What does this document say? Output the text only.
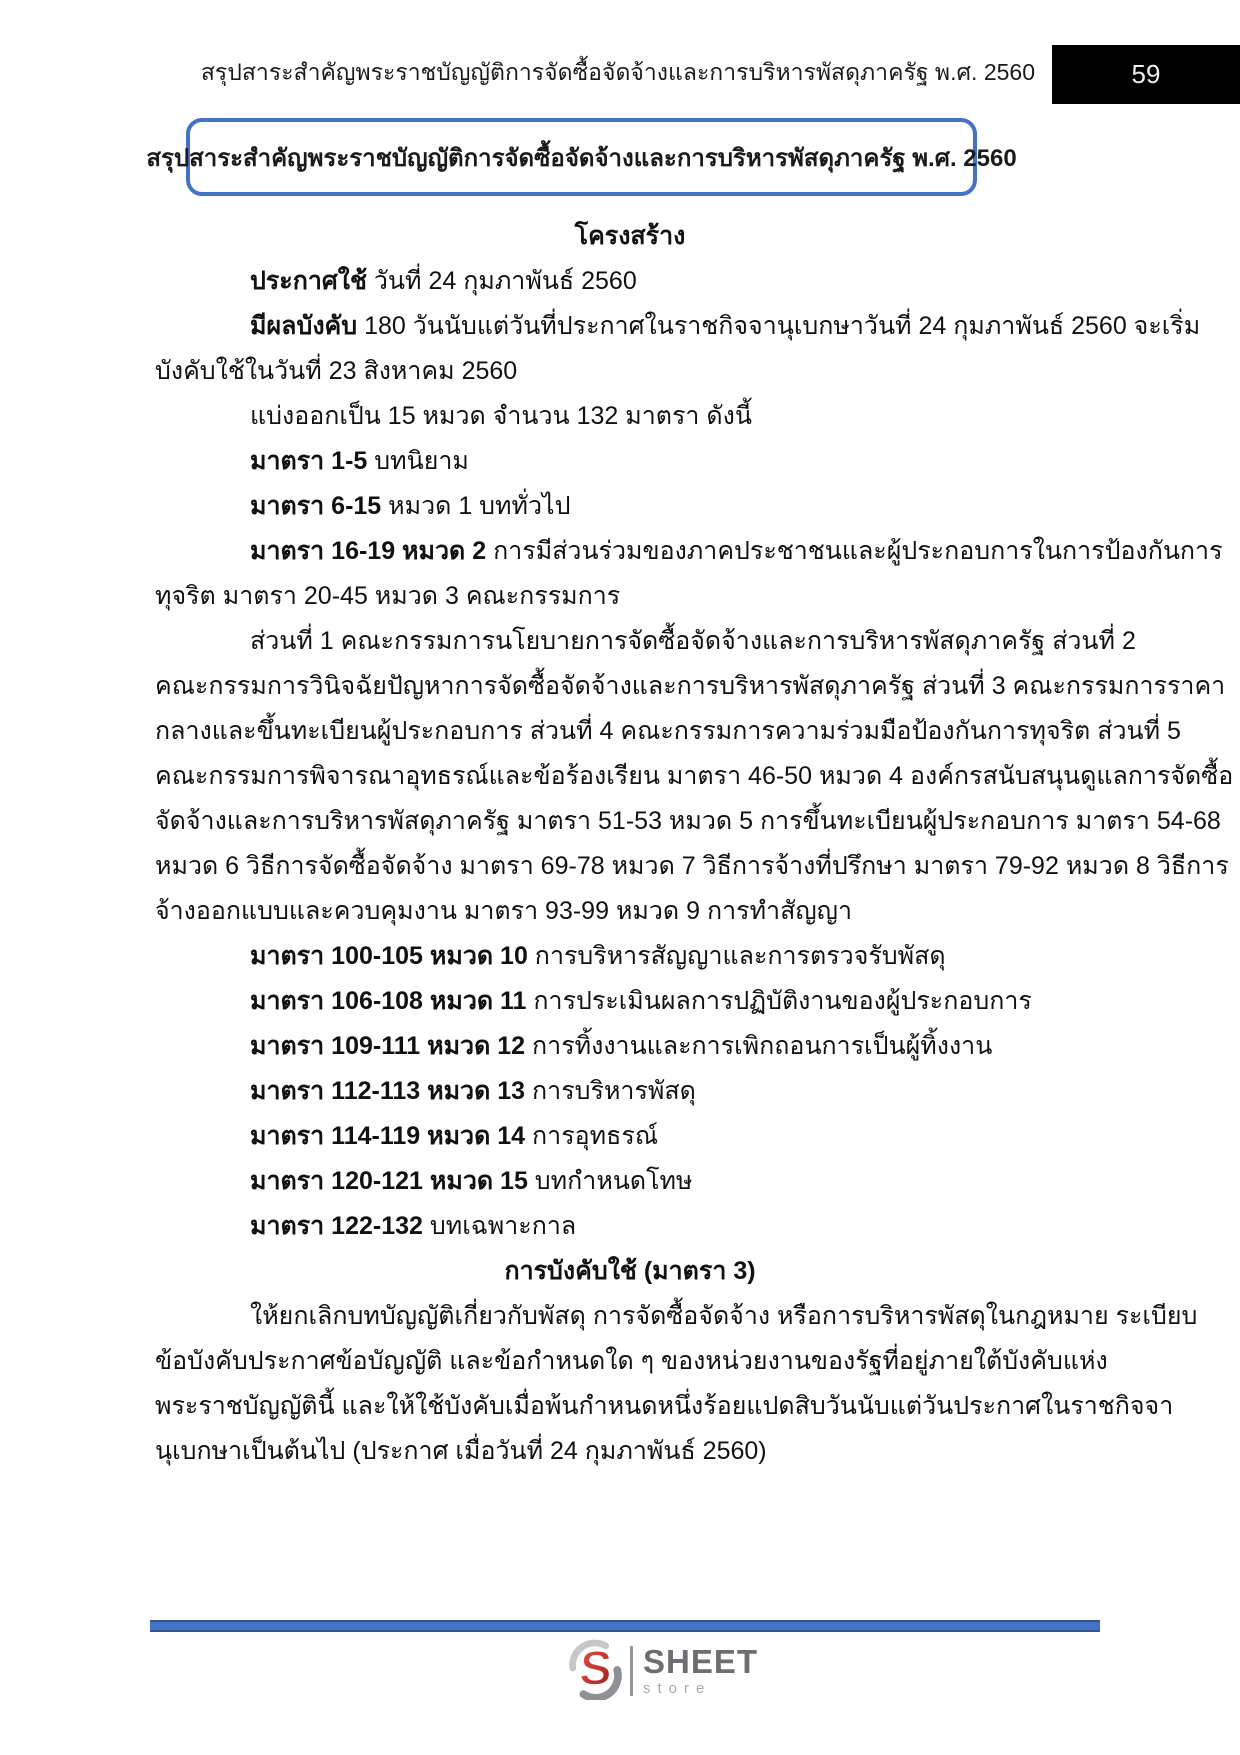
สรุปสาระสำคัญพระราชบัญญัติการจัดซื้อจัดจ้างและการบริหารพัสดุภาครัฐ พ.ศ. 2560	59
สรุปสาระสำคัญพระราชบัญญัติการจัดซื้อจัดจ้างและการบริหารพัสดุภาครัฐ พ.ศ. 2560
โครงสร้าง
ประกาศใช้ วันที่ 24 กุมภาพันธ์ 2560
มีผลบังคับ 180 วันนับแต่วันที่ประกาศในราชกิจจานุเบกษาวันที่ 24 กุมภาพันธ์ 2560 จะเริ่ม
บังคับใช้ในวันที่ 23 สิงหาคม 2560
แบ่งออกเป็น 15 หมวด จำนวน 132 มาตรา ดังนี้
มาตรา 1-5 บทนิยาม
มาตรา 6-15 หมวด 1 บททั่วไป
มาตรา 16-19 หมวด 2 การมีส่วนร่วมของภาคประชาชนและผู้ประกอบการในการป้องกันการ
ทุจริต มาตรา 20-45 หมวด 3 คณะกรรมการ
ส่วนที่ 1 คณะกรรมการนโยบายการจัดซื้อจัดจ้างและการบริหารพัสดุภาครัฐ ส่วนที่ 2
คณะกรรมการวินิจฉัยปัญหาการจัดซื้อจัดจ้างและการบริหารพัสดุภาครัฐ ส่วนที่ 3 คณะกรรมการราคา
กลางและขึ้นทะเบียนผู้ประกอบการ ส่วนที่ 4 คณะกรรมการความร่วมมือป้องกันการทุจริต ส่วนที่ 5
คณะกรรมการพิจารณาอุทธรณ์และข้อร้องเรียน มาตรา 46-50 หมวด 4 องค์กรสนับสนุนดูแลการจัดซื้อ
จัดจ้างและการบริหารพัสดุภาครัฐ มาตรา 51-53 หมวด 5 การขึ้นทะเบียนผู้ประกอบการ มาตรา 54-68
หมวด 6 วิธีการจัดซื้อจัดจ้าง มาตรา 69-78 หมวด 7 วิธีการจ้างที่ปรึกษา มาตรา 79-92 หมวด 8 วิธีการ
จ้างออกแบบและควบคุมงาน มาตรา 93-99 หมวด 9 การทำสัญญา
มาตรา 100-105 หมวด 10 การบริหารสัญญาและการตรวจรับพัสดุ
มาตรา 106-108 หมวด 11 การประเมินผลการปฏิบัติงานของผู้ประกอบการ
มาตรา 109-111 หมวด 12 การทิ้งงานและการเพิกถอนการเป็นผู้ทิ้งงาน
มาตรา 112-113 หมวด 13 การบริหารพัสดุ
มาตรา 114-119 หมวด 14 การอุทธรณ์
มาตรา 120-121 หมวด 15 บทกำหนดโทษ
มาตรา 122-132 บทเฉพาะกาล
การบังคับใช้ (มาตรา 3)
ให้ยกเลิกบทบัญญัติเกี่ยวกับพัสดุ การจัดซื้อจัดจ้าง หรือการบริหารพัสดุในกฎหมาย ระเบียบ
ข้อบังคับประกาศข้อบัญญัติ และข้อกำหนดใด ๆ ของหน่วยงานของรัฐที่อยู่ภายใต้บังคับแห่ง
พระราชบัญญัตินี้ และให้ใช้บังคับเมื่อพ้นกำหนดหนึ่งร้อยแปดสิบวันนับแต่วันประกาศในราชกิจจา
นุเบกษาเป็นต้นไป (ประกาศ เมื่อวันที่ 24 กุมภาพันธ์ 2560)
S SHEET
store
